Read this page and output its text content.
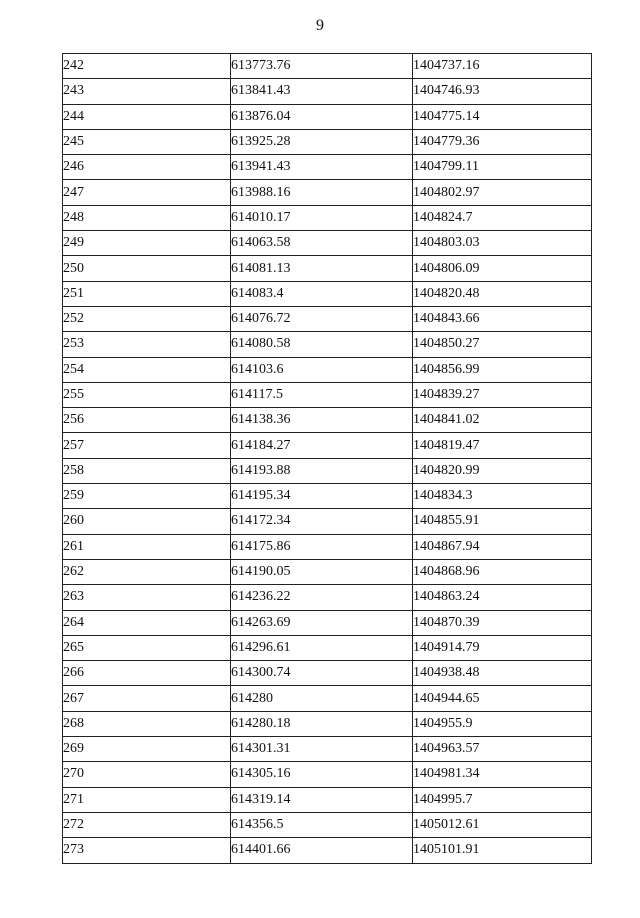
9
242	613773.76	1404737.16
243	613841.43	1404746.93
244	613876.04	1404775.14
245	613925.28	1404779.36
246	613941.43	1404799.11
247	613988.16	1404802.97
248	614010.17	1404824.7
249	614063.58	1404803.03
250	614081.13	1404806.09
251	614083.4	1404820.48
252	614076.72	1404843.66
253	614080.58	1404850.27
254	614103.6	1404856.99
255	614117.5	1404839.27
256	614138.36	1404841.02
257	614184.27	1404819.47
258	614193.88	1404820.99
259	614195.34	1404834.3
260	614172.34	1404855.91
261	614175.86	1404867.94
262	614190.05	1404868.96
263	614236.22	1404863.24
264	614263.69	1404870.39
265	614296.61	1404914.79
266	614300.74	1404938.48
267	614280	1404944.65
268	614280.18	1404955.9
269	614301.31	1404963.57
270	614305.16	1404981.34
271	614319.14	1404995.7
272	614356.5	1405012.61
273	614401.66	1405101.91
